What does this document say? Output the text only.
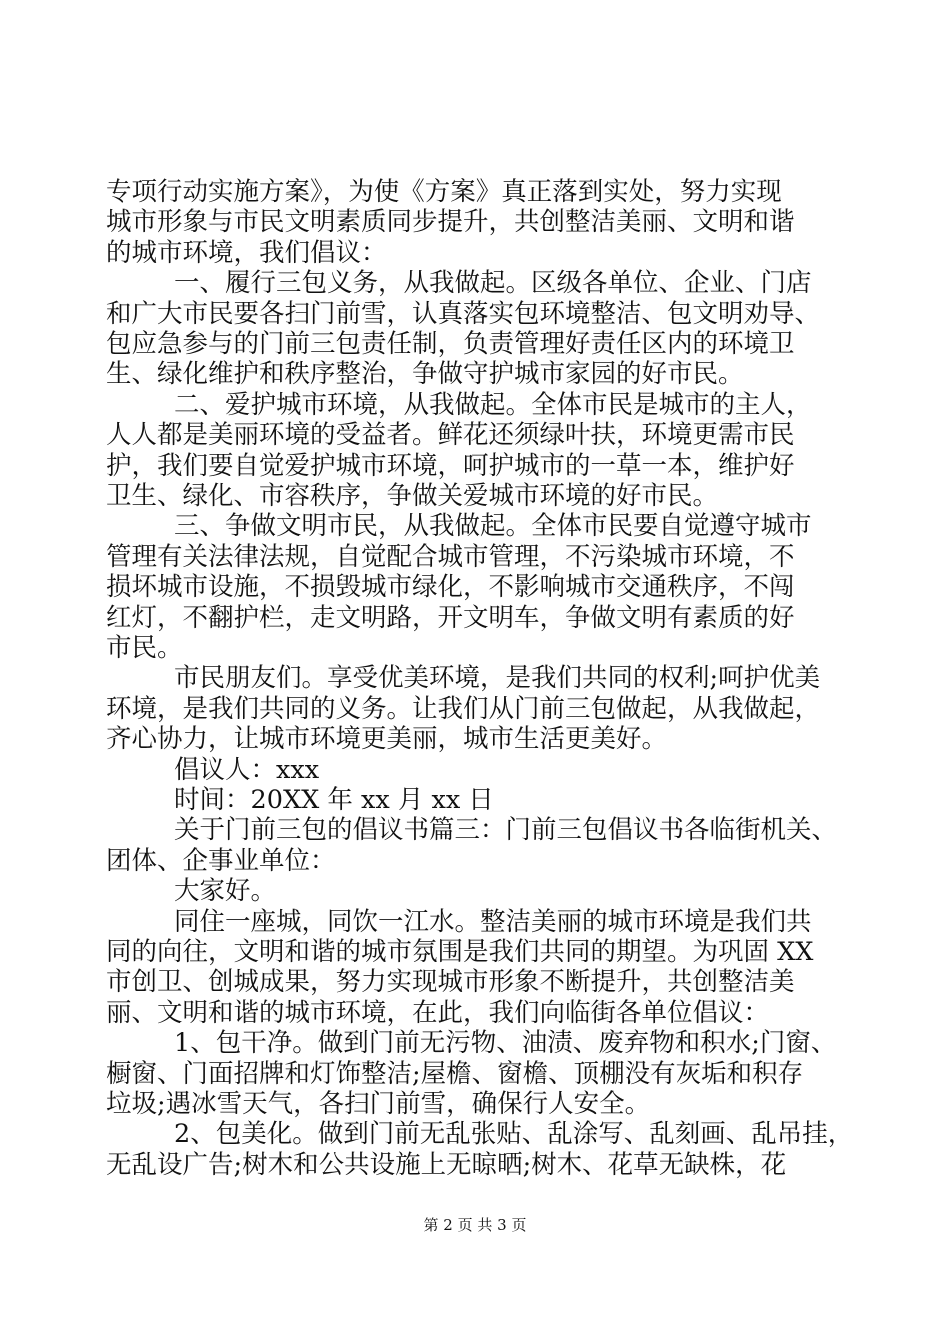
专项行动实施方案》，为使《方案》真正落到实处，努力实现
城市形象与市民文明素质同步提升，共创整洁美丽、文明和谐
的城市环境，我们倡议：
一、履行三包义务，从我做起。区级各单位、企业、门店
和广大市民要各扫门前雪，认真落实包环境整洁、包文明劝导、
包应急参与的门前三包责任制，负责管理好责任区内的环境卫
生、绿化维护和秩序整治，争做守护城市家园的好市民。
二、爱护城市环境，从我做起。全体市民是城市的主人，
人人都是美丽环境的受益者。鲜花还须绿叶扶，环境更需市民
护，我们要自觉爱护城市环境，呵护城市的一草一本，维护好
卫生、绿化、市容秩序，争做关爱城市环境的好市民。
三、争做文明市民，从我做起。全体市民要自觉遵守城市
管理有关法律法规，自觉配合城市管理，不污染城市环境，不
损坏城市设施，不损毁城市绿化，不影响城市交通秩序，不闯
红灯，不翻护栏，走文明路，开文明车，争做文明有素质的好
市民。
市民朋友们。享受优美环境，是我们共同的权利;呵护优美
环境，是我们共同的义务。让我们从门前三包做起，从我做起，
齐心协力，让城市环境更美丽，城市生活更美好。
倡议人：xxx
时间：20XX 年 xx 月 xx 日
关于门前三包的倡议书篇三：门前三包倡议书各临街机关、
团体、企事业单位：
大家好。
同住一座城，同饮一江水。整洁美丽的城市环境是我们共
同的向往，文明和谐的城市氛围是我们共同的期望。为巩固 XX
市创卫、创城成果，努力实现城市形象不断提升，共创整洁美
丽、文明和谐的城市环境，在此，我们向临街各单位倡议：
1、包干净。做到门前无污物、油渍、废弃物和积水;门窗、
橱窗、门面招牌和灯饰整洁;屋檐、窗檐、顶棚没有灰垢和积存
垃圾;遇冰雪天气，各扫门前雪，确保行人安全。
2、包美化。做到门前无乱张贴、乱涂写、乱刻画、乱吊挂，
无乱设广告;树木和公共设施上无晾晒;树木、花草无缺株，花
第 2 页 共 3 页
